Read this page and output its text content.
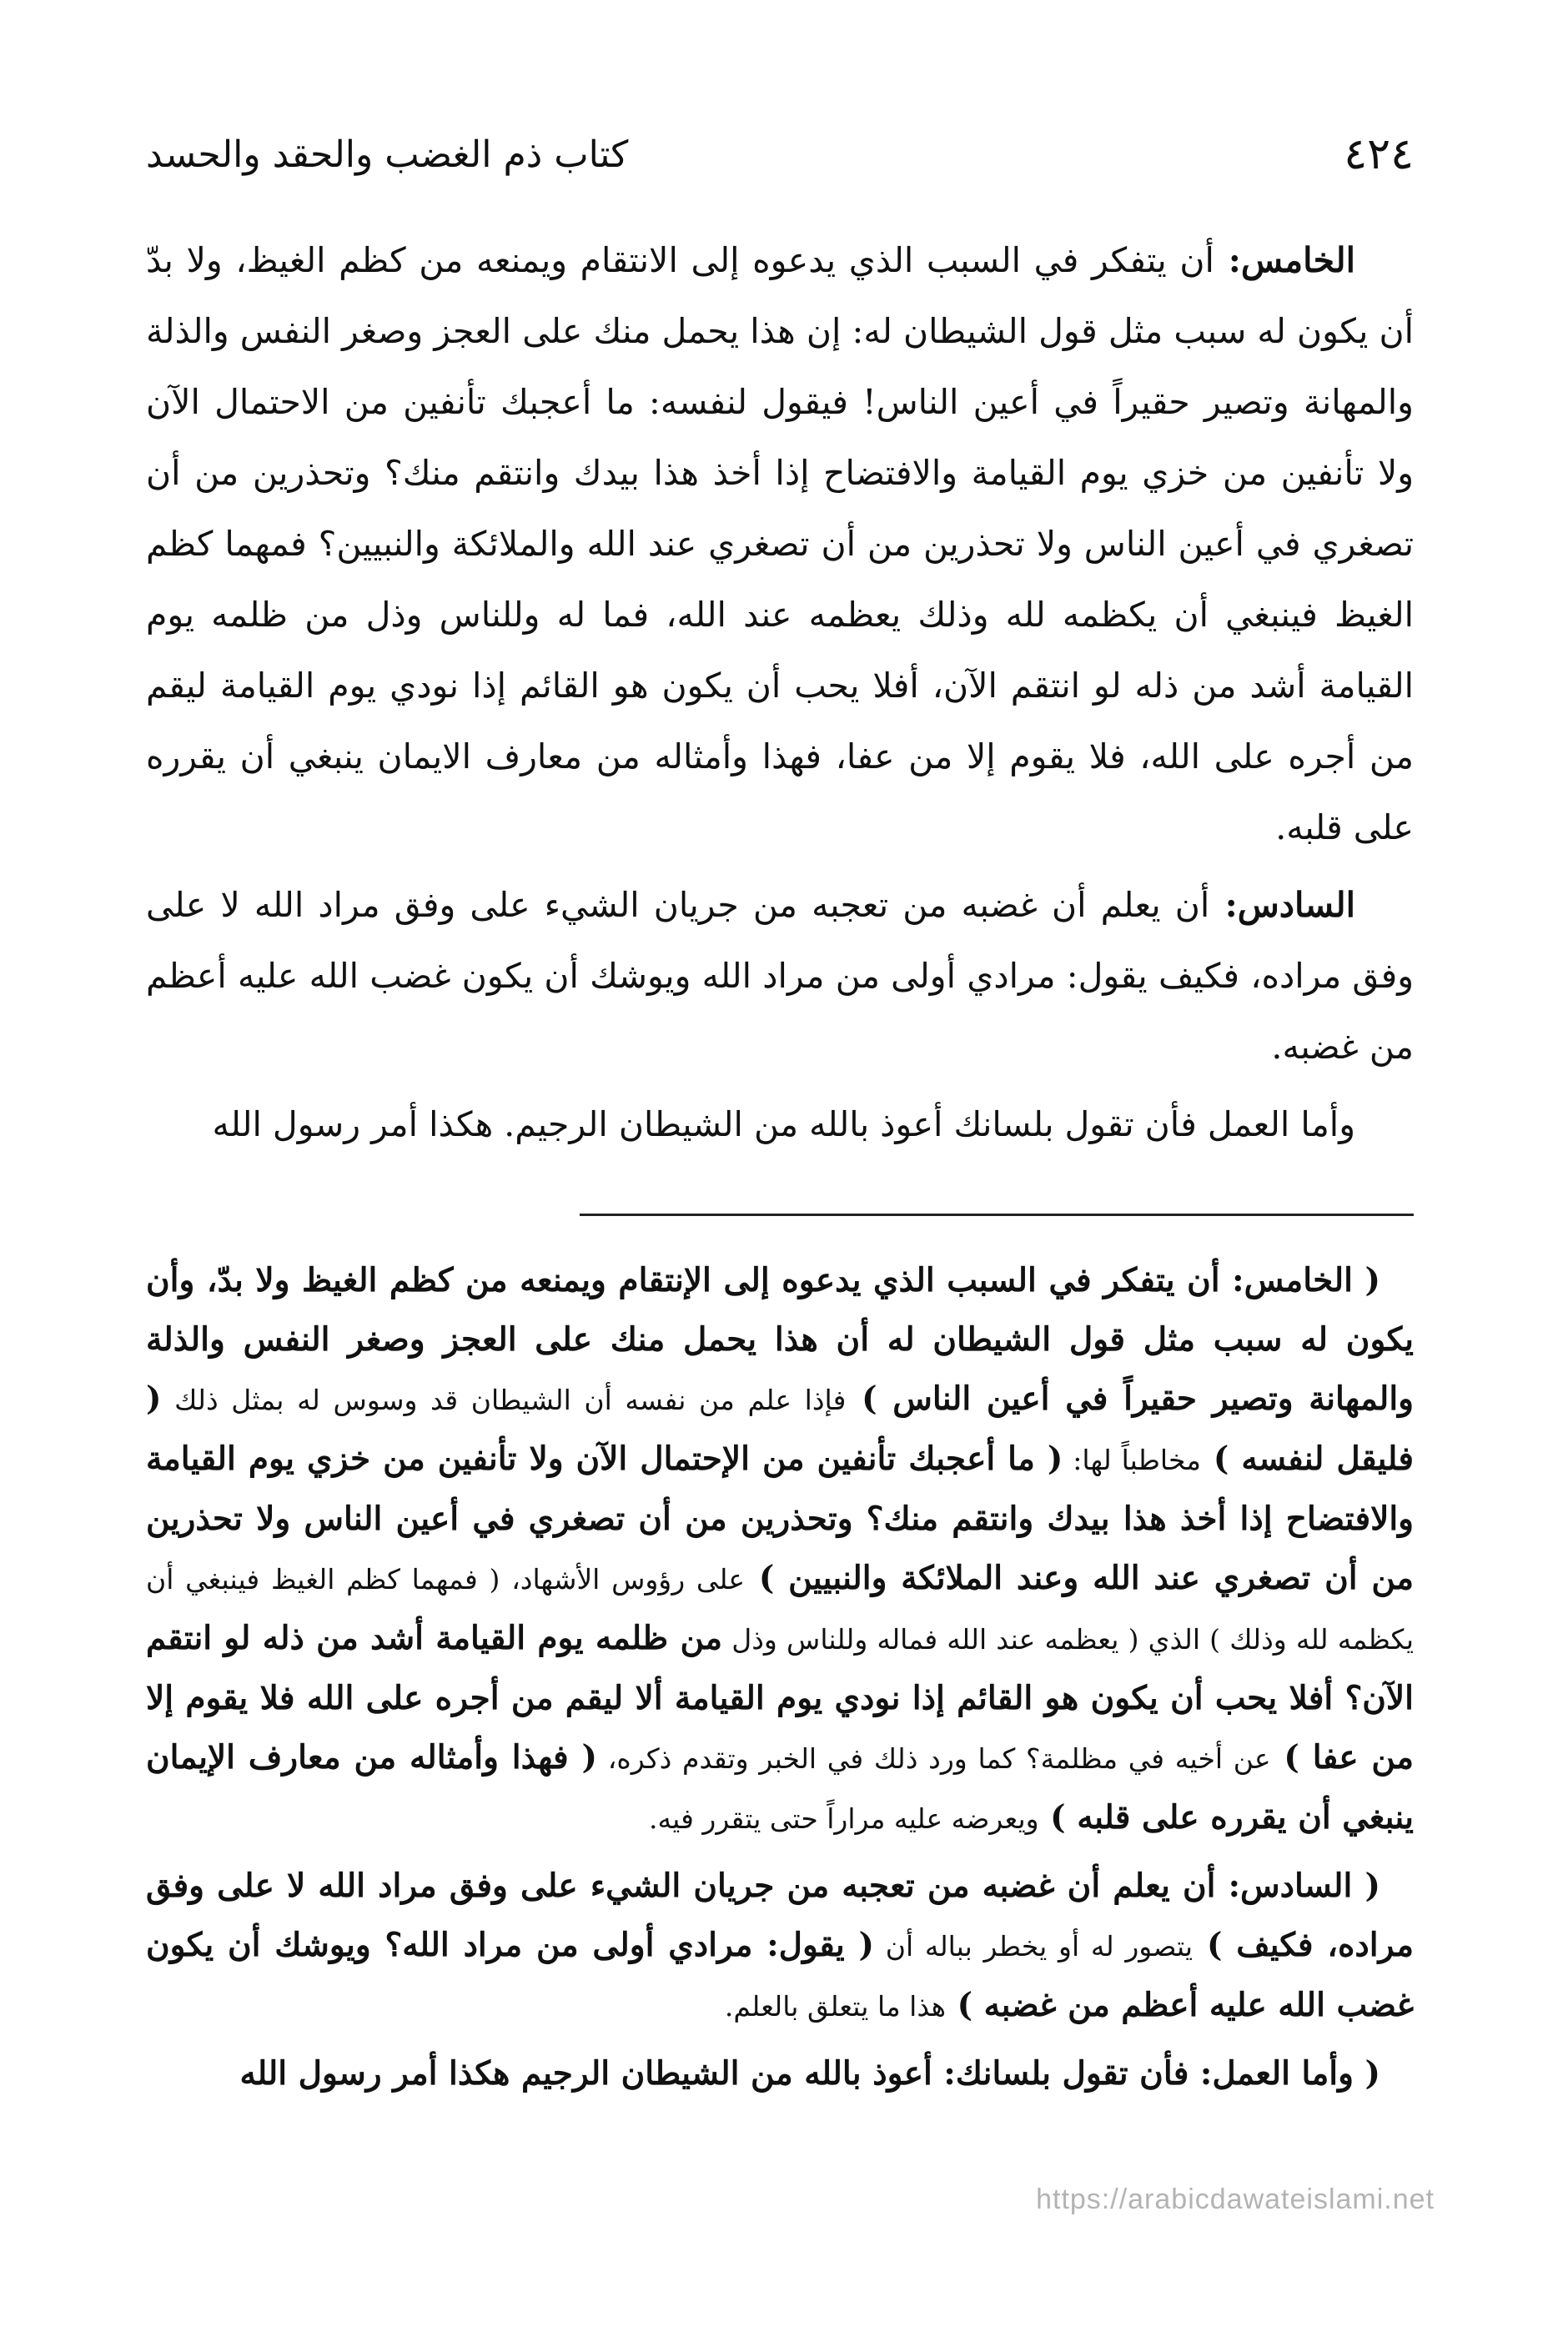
٤٢٤
كتاب ذم الغضب والحقد والحسد

الخامس: أن يتفكر في السبب الذي يدعوه إلى الانتقام ويمنعه من كظم الغيظ، ولا بدّ أن يكون له سبب مثل قول الشيطان له: إن هذا يحمل منك على العجز وصغر النفس والذلة والمهانة وتصير حقيراً في أعين الناس! فيقول لنفسه: ما أعجبك تأنفين من الاحتمال الآن ولا تأنفين من خزي يوم القيامة والافتضاح إذا أخذ هذا بيدك وانتقم منك؟ وتحذرين من أن تصغري في أعين الناس ولا تحذرين من أن تصغري عند الله والملائكة والنبيين؟ فمهما كظم الغيظ فينبغي أن يكظمه لله وذلك يعظمه عند الله، فما له وللناس وذل من ظلمه يوم القيامة أشد من ذله لو انتقم الآن، أفلا يحب أن يكون هو القائم إذا نودي يوم القيامة ليقم من أجره على الله، فلا يقوم إلا من عفا، فهذا وأمثاله من معارف الايمان ينبغي أن يقرره على قلبه.

السادس: أن يعلم أن غضبه من تعجبه من جريان الشيء على وفق مراد الله لا على وفق مراده، فكيف يقول: مرادي أولى من مراد الله ويوشك أن يكون غضب الله عليه أعظم من غضبه.

وأما العمل فأن تقول بلسانك أعوذ بالله من الشيطان الرجيم. هكذا أمر رسول الله

( الخامس: أن يتفكر في السبب الذي يدعوه إلى الإنتقام ويمنعه من كظم الغيظ ولا بدّ، وأن يكون له سبب مثل قول الشيطان له أن هذا يحمل منك على العجز وصغر النفس والذلة والمهانة وتصير حقيراً في أعين الناس ) فإذا علم من نفسه أن الشيطان قد وسوس له بمثل ذلك ( فليقل لنفسه ) مخاطباً لها: ( ما أعجبك تأنفين من الإحتمال الآن ولا تأنفين من خزي يوم القيامة والافتضاح إذا أخذ هذا بيدك وانتقم منك؟ وتحذرين من أن تصغري في أعين الناس ولا تحذرين من أن تصغري عند الله وعند الملائكة والنبيين ) على رؤوس الأشهاد، ( فمهما كظم الغيظ فينبغي أن يكظمه لله وذلك ) الذي ( يعظمه عند الله فماله وللناس وذل من ظلمه يوم القيامة أشد من ذله لو انتقم الآن؟ أفلا يحب أن يكون هو القائم إذا نودي يوم القيامة ألا ليقم من أجره على الله فلا يقوم إلا من عفا ) عن أخيه في مظلمة؟ كما ورد ذلك في الخبر وتقدم ذكره، ( فهذا وأمثاله من معارف الإيمان ينبغي أن يقرره على قلبه ) ويعرضه عليه مراراً حتى يتقرر فيه.

( السادس: أن يعلم أن غضبه من تعجبه من جريان الشيء على وفق مراد الله لا على وفق مراده، فكيف ) يتصور له أو يخطر بباله أن ( يقول: مرادي أولى من مراد الله؟ ويوشك أن يكون غضب الله عليه أعظم من غضبه ) هذا ما يتعلق بالعلم.

( وأما العمل: فأن تقول بلسانك: أعوذ بالله من الشيطان الرجيم هكذا أمر رسول الله

https://arabicdawateislami.net
